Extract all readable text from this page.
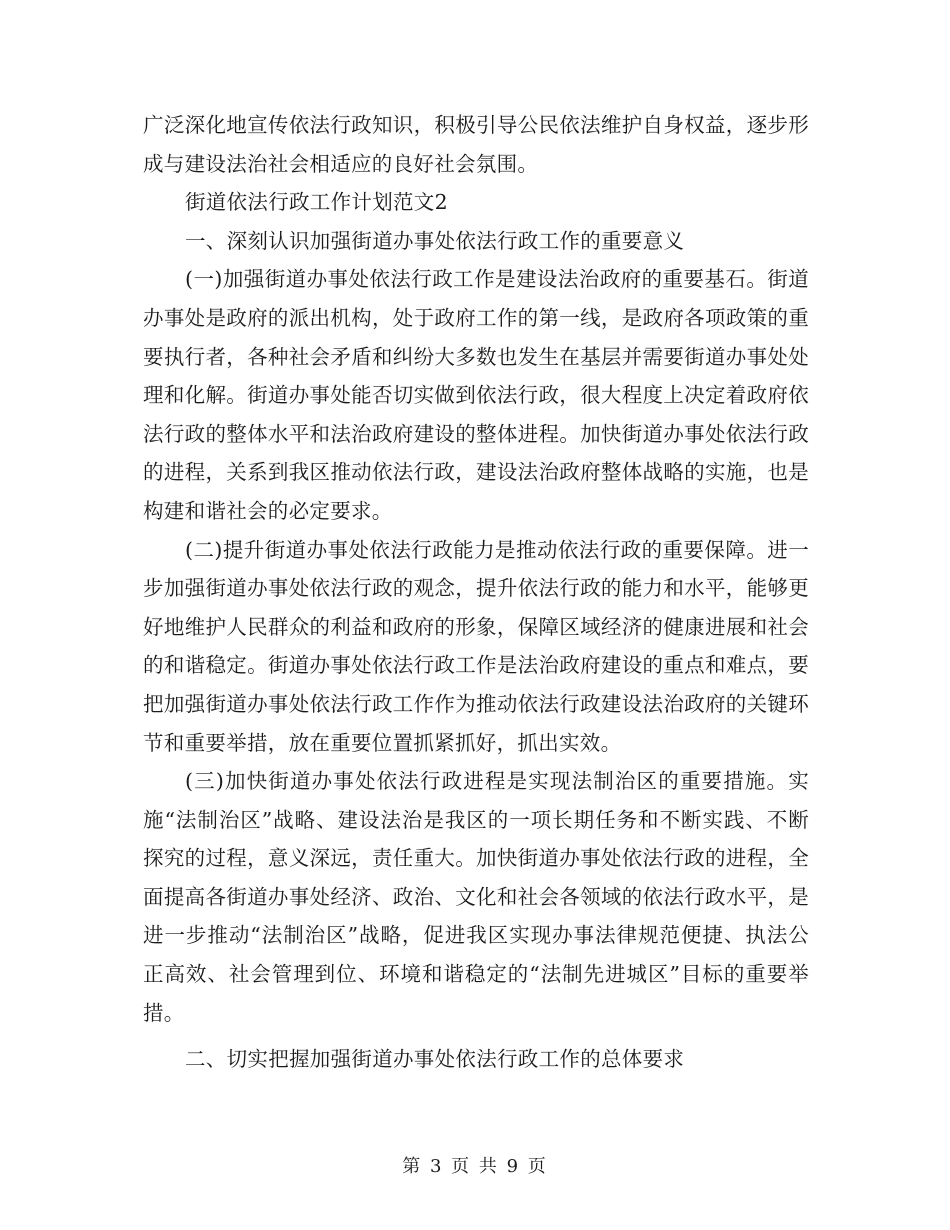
广泛深化地宣传依法行政知识，积极引导公民依法维护自身权益，逐步形成与建设法治社会相适应的良好社会氛围。

街道依法行政工作计划范文2

一、深刻认识加强街道办事处依法行政工作的重要意义

(一)加强街道办事处依法行政工作是建设法治政府的重要基石。街道办事处是政府的派出机构，处于政府工作的第一线，是政府各项政策的重要执行者，各种社会矛盾和纠纷大多数也发生在基层并需要街道办事处处理和化解。街道办事处能否切实做到依法行政，很大程度上决定着政府依法行政的整体水平和法治政府建设的整体进程。加快街道办事处依法行政的进程，关系到我区推动依法行政，建设法治政府整体战略的实施，也是构建和谐社会的必定要求。

(二)提升街道办事处依法行政能力是推动依法行政的重要保障。进一步加强街道办事处依法行政的观念，提升依法行政的能力和水平，能够更好地维护人民群众的利益和政府的形象，保障区域经济的健康进展和社会的和谐稳定。街道办事处依法行政工作是法治政府建设的重点和难点，要把加强街道办事处依法行政工作作为推动依法行政建设法治政府的关键环节和重要举措，放在重要位置抓紧抓好，抓出实效。

(三)加快街道办事处依法行政进程是实现法制治区的重要措施。实施“法制治区”战略、建设法治是我区的一项长期任务和不断实践、不断探究的过程，意义深远，责任重大。加快街道办事处依法行政的进程，全面提高各街道办事处经济、政治、文化和社会各领域的依法行政水平，是进一步推动“法制治区”战略，促进我区实现办事法律规范便捷、执法公正高效、社会管理到位、环境和谐稳定的“法制先进城区”目标的重要举措。

二、切实把握加强街道办事处依法行政工作的总体要求

第 3 页 共 9 页
